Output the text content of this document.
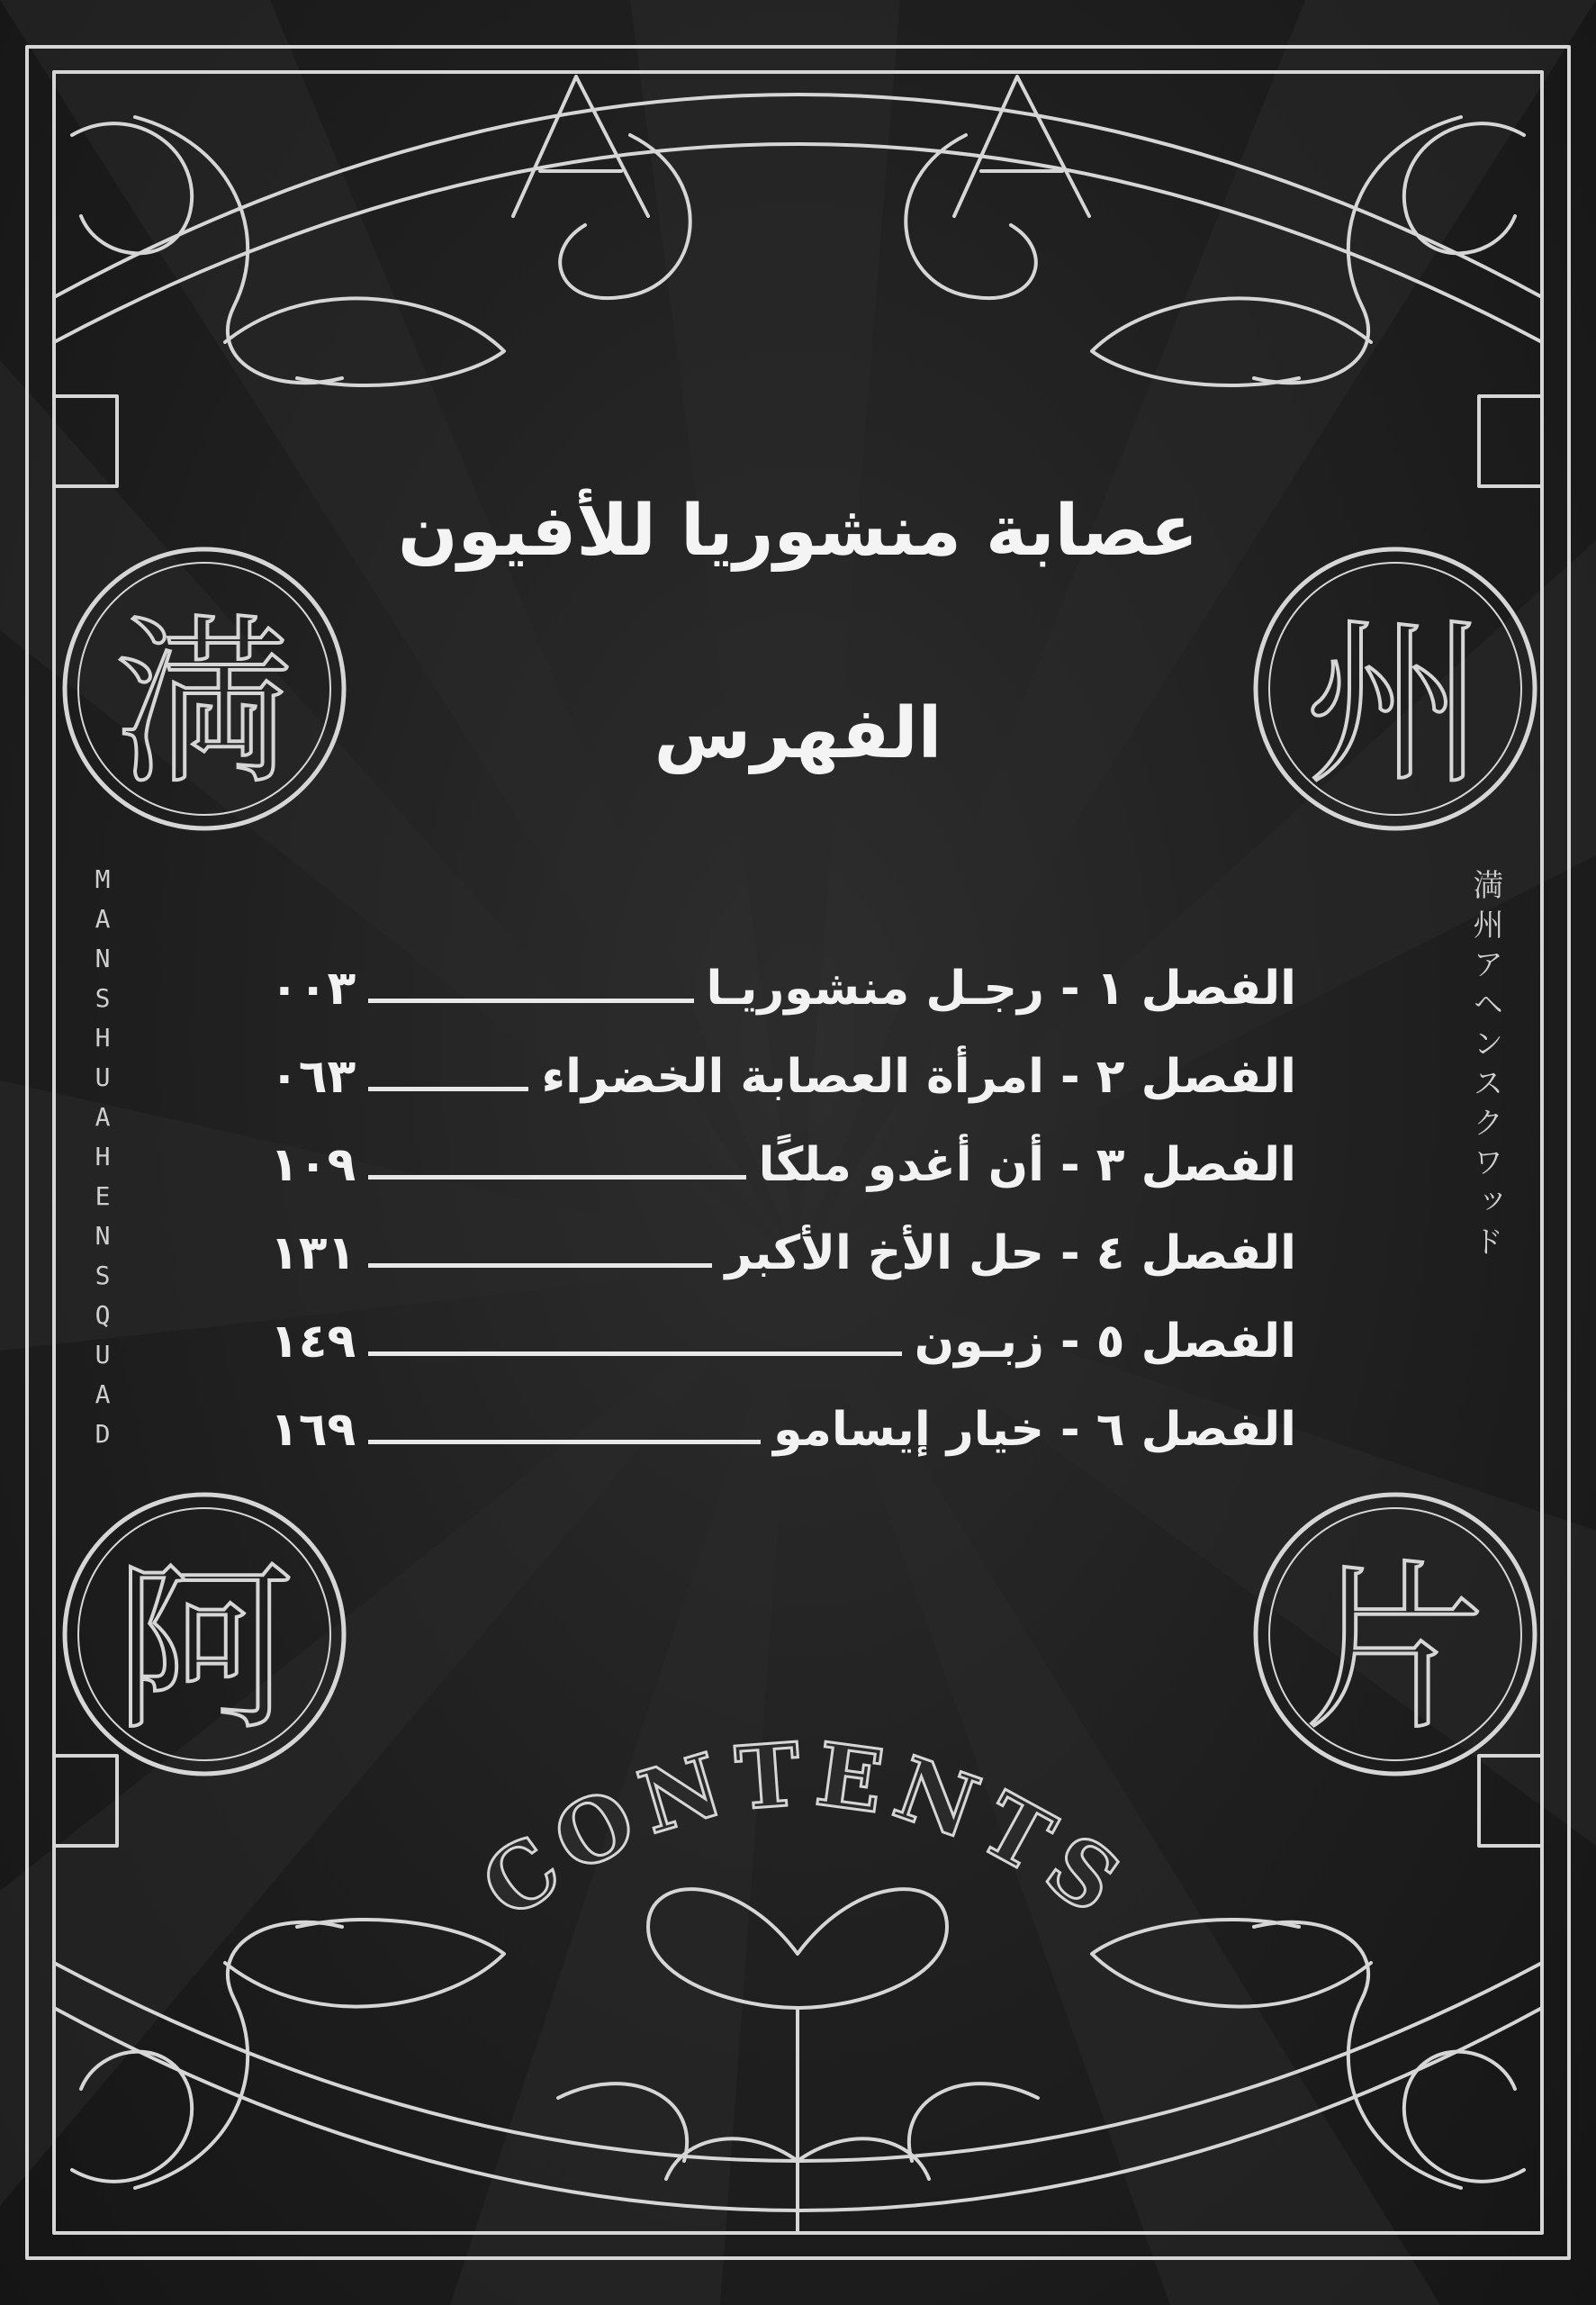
満	州
阿	片
MANSHU AHENSQUAD
満州アヘンスクワッド
عصابة منشوريا للأفيون
الفهرس
الفصل ١ - رجـل منشوريـا
٠٠٣
الفصل ٢ - امرأة العصابة الخضراء
٠٦٣
الفصل ٣ - أن أغدو ملكًا
١٠٩
الفصل ٤ - حل الأخ الأكبر
١٣١
الفصل ٥ - زبـون
١٤٩
الفصل ٦ - خيار إيسامو
١٦٩
CONTENTS
